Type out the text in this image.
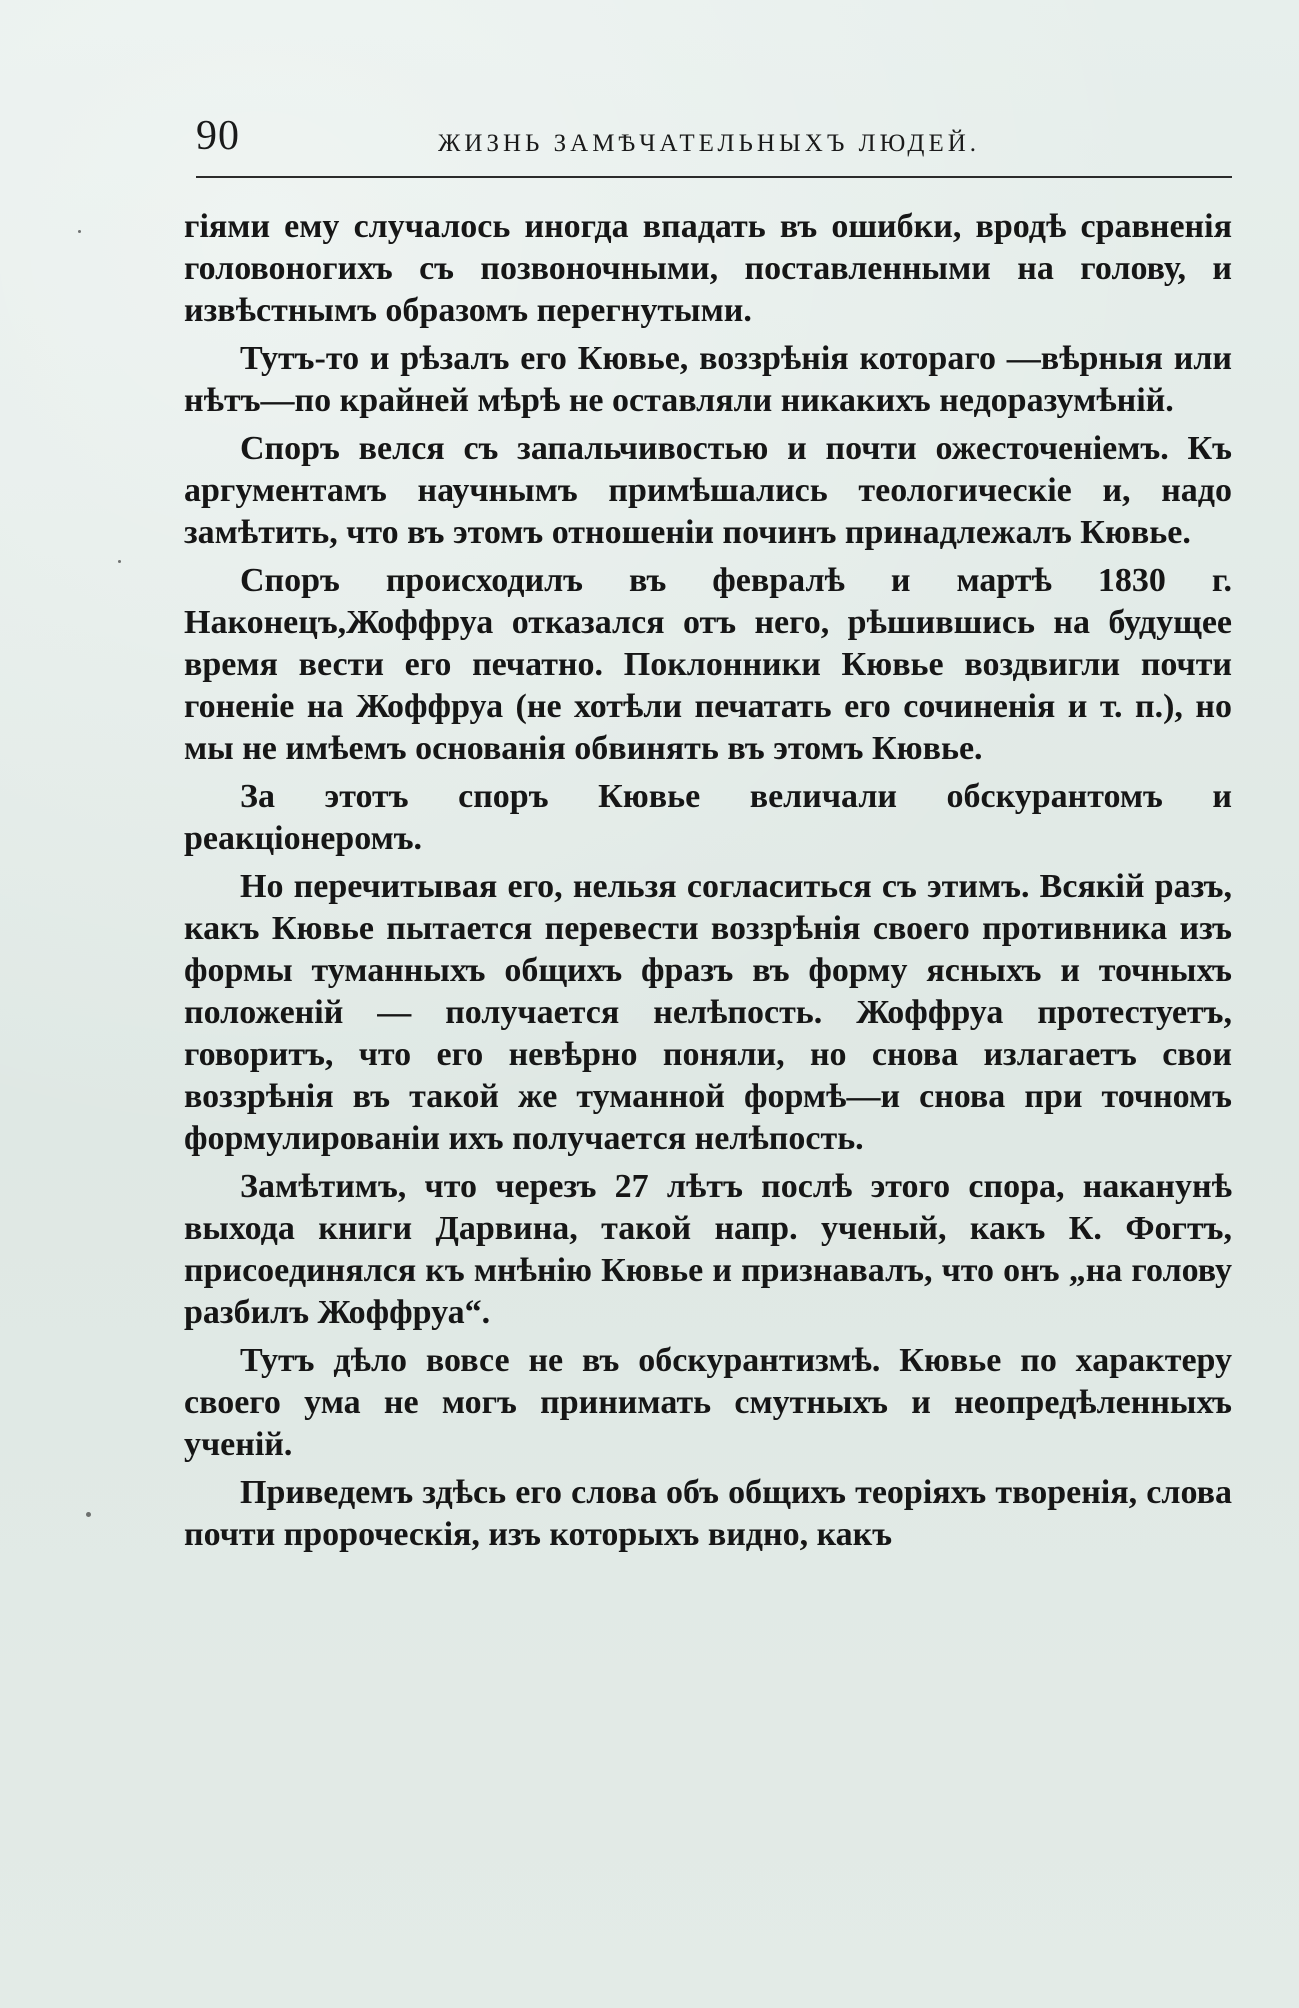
90	ЖИЗНЬ ЗАМѢЧАТЕЛЬНЫХЪ ЛЮДЕЙ.

гіями ему случалось иногда впадать въ ошибки, вродѣ сравненія головоногихъ съ позвоночными, поставленными на голову, и извѣстнымъ образомъ перегнутыми.

Тутъ-то и рѣзалъ его Кювье, воззрѣнія котораго —вѣрныя или нѣтъ—по крайней мѣрѣ не оставляли никакихъ недоразумѣній.

Споръ велся съ запальчивостью и почти ожесточеніемъ. Къ аргументамъ научнымъ примѣшались теологическіе и, надо замѣтить, что въ этомъ отношеніи починъ принадлежалъ Кювье.

Споръ происходилъ въ февралѣ и мартѣ 1830 г. Наконецъ,Жоффруа отказался отъ него, рѣшившись на будущее время вести его печатно. Поклонники Кювье воздвигли почти гоненіе на Жоффруа (не хотѣли печатать его сочиненія и т. п.), но мы не имѣемъ основанія обвинять въ этомъ Кювье.

За этотъ споръ Кювье величали обскурантомъ и реакціонеромъ.

Но перечитывая его, нельзя согласиться съ этимъ. Всякій разъ, какъ Кювье пытается перевести воззрѣнія своего противника изъ формы туманныхъ общихъ фразъ въ форму ясныхъ и точныхъ положеній — получается нелѣпость. Жоффруа протестуетъ, говоритъ, что его невѣрно поняли, но снова излагаетъ свои воззрѣнія въ такой же туманной формѣ—и снова при точномъ формулированіи ихъ получается нелѣпость.

Замѣтимъ, что черезъ 27 лѣтъ послѣ этого спора, наканунѣ выхода книги Дарвина, такой напр. ученый, какъ К. Фогтъ, присоединялся къ мнѣнію Кювье и признавалъ, что онъ „на голову разбилъ Жоффруа“.

Тутъ дѣло вовсе не въ обскурантизмѣ. Кювье по характеру своего ума не могъ принимать смутныхъ и неопредѣленныхъ ученій.

Приведемъ здѣсь его слова объ общихъ теоріяхъ творенія, слова почти пророческія, изъ которыхъ видно, какъ
